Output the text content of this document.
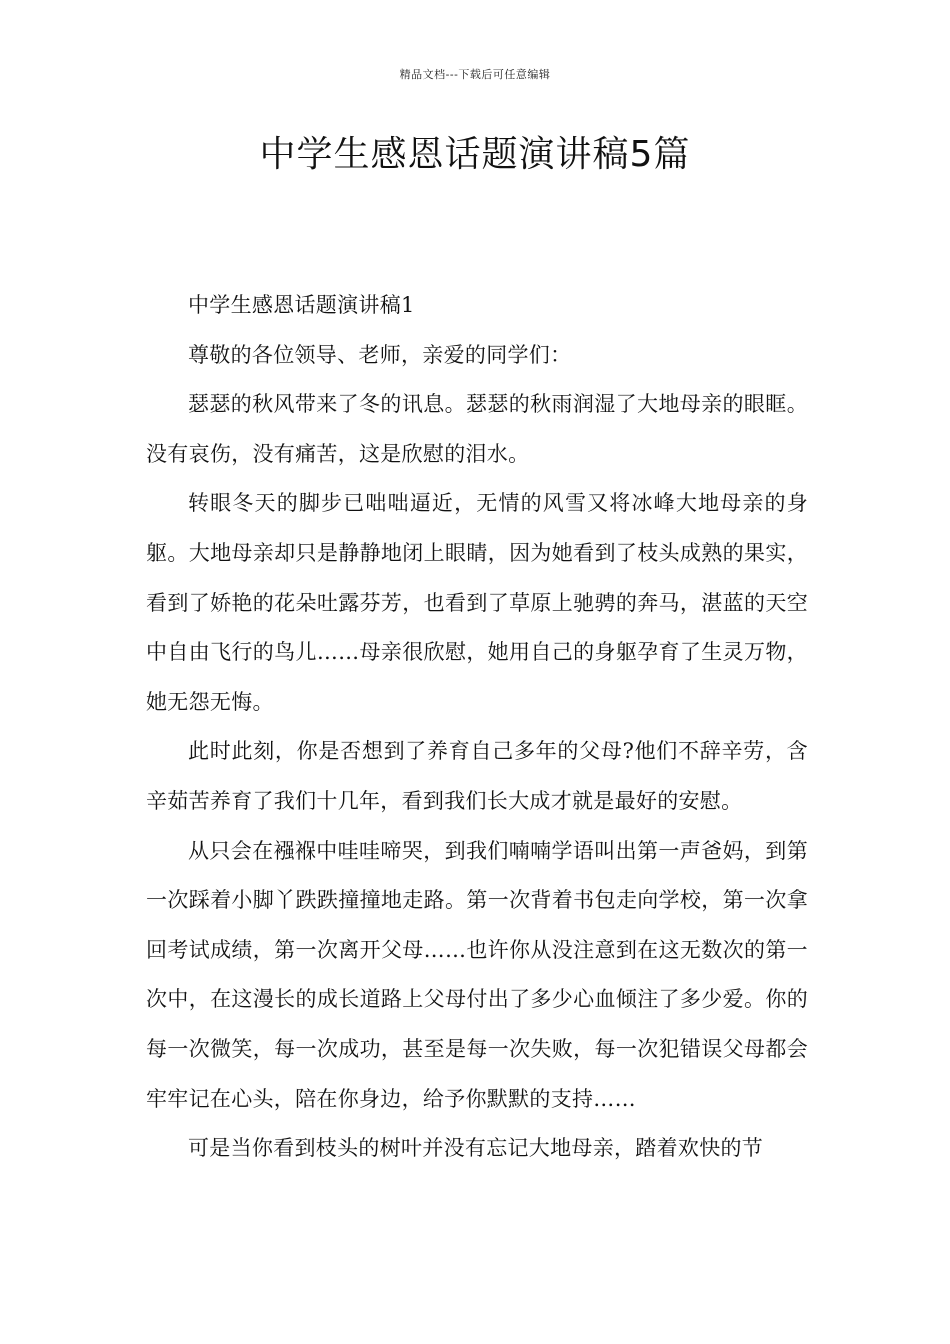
精品文档---下载后可任意编辑
中学生感恩话题演讲稿5篇

中学生感恩话题演讲稿1

尊敬的各位领导、老师，亲爱的同学们：

瑟瑟的秋风带来了冬的讯息。瑟瑟的秋雨润湿了大地母亲的眼眶。没有哀伤，没有痛苦，这是欣慰的泪水。

转眼冬天的脚步已咄咄逼近，无情的风雪又将冰峰大地母亲的身躯。大地母亲却只是静静地闭上眼睛，因为她看到了枝头成熟的果实，看到了娇艳的花朵吐露芬芳，也看到了草原上驰骋的奔马，湛蓝的天空中自由飞行的鸟儿……母亲很欣慰，她用自己的身躯孕育了生灵万物，她无怨无悔。

此时此刻，你是否想到了养育自己多年的父母?他们不辞辛劳，含辛茹苦养育了我们十几年，看到我们长大成才就是最好的安慰。

从只会在襁褓中哇哇啼哭，到我们喃喃学语叫出第一声爸妈，到第一次踩着小脚丫跌跌撞撞地走路。第一次背着书包走向学校，第一次拿回考试成绩，第一次离开父母……也许你从没注意到在这无数次的第一次中，在这漫长的成长道路上父母付出了多少心血倾注了多少爱。你的每一次微笑，每一次成功，甚至是每一次失败，每一次犯错误父母都会牢牢记在心头，陪在你身边，给予你默默的支持……

可是当你看到枝头的树叶并没有忘记大地母亲，踏着欢快的节
